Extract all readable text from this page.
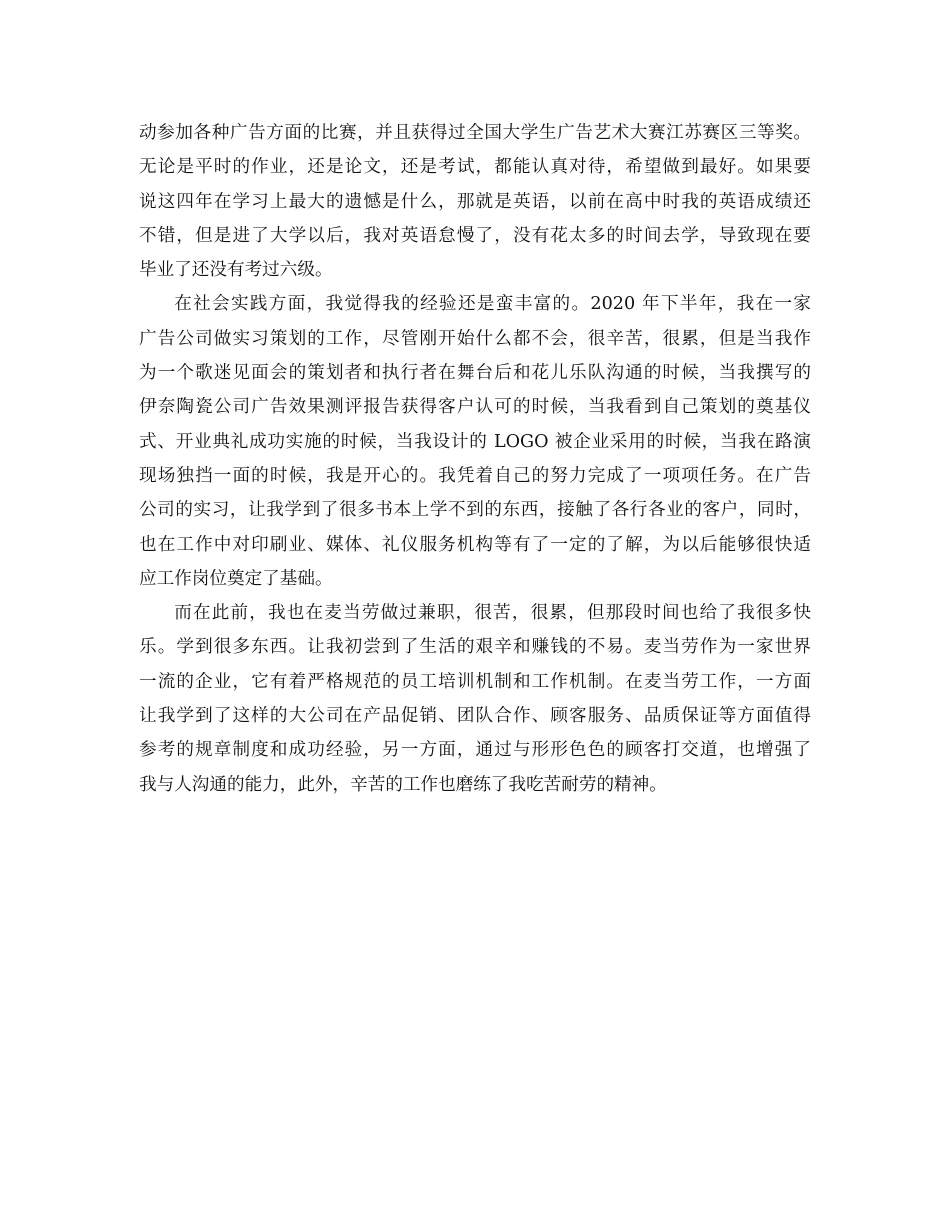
动参加各种广告方面的比赛，并且获得过全国大学生广告艺术大赛江苏赛区三等奖。
无论是平时的作业，还是论文，还是考试，都能认真对待，希望做到最好。如果要
说这四年在学习上最大的遗憾是什么，那就是英语，以前在高中时我的英语成绩还
不错，但是进了大学以后，我对英语怠慢了，没有花太多的时间去学，导致现在要
毕业了还没有考过六级。
在社会实践方面，我觉得我的经验还是蛮丰富的。2020 年下半年，我在一家
广告公司做实习策划的工作，尽管刚开始什么都不会，很辛苦，很累，但是当我作
为一个歌迷见面会的策划者和执行者在舞台后和花儿乐队沟通的时候，当我撰写的
伊奈陶瓷公司广告效果测评报告获得客户认可的时候，当我看到自己策划的奠基仪
式、开业典礼成功实施的时候，当我设计的 LOGO 被企业采用的时候，当我在路演
现场独挡一面的时候，我是开心的。我凭着自己的努力完成了一项项任务。在广告
公司的实习，让我学到了很多书本上学不到的东西，接触了各行各业的客户，同时，
也在工作中对印刷业、媒体、礼仪服务机构等有了一定的了解，为以后能够很快适
应工作岗位奠定了基础。
而在此前，我也在麦当劳做过兼职，很苦，很累，但那段时间也给了我很多快
乐。学到很多东西。让我初尝到了生活的艰辛和赚钱的不易。麦当劳作为一家世界
一流的企业，它有着严格规范的员工培训机制和工作机制。在麦当劳工作，一方面
让我学到了这样的大公司在产品促销、团队合作、顾客服务、品质保证等方面值得
参考的规章制度和成功经验，另一方面，通过与形形色色的顾客打交道，也增强了
我与人沟通的能力，此外，辛苦的工作也磨练了我吃苦耐劳的精神。
